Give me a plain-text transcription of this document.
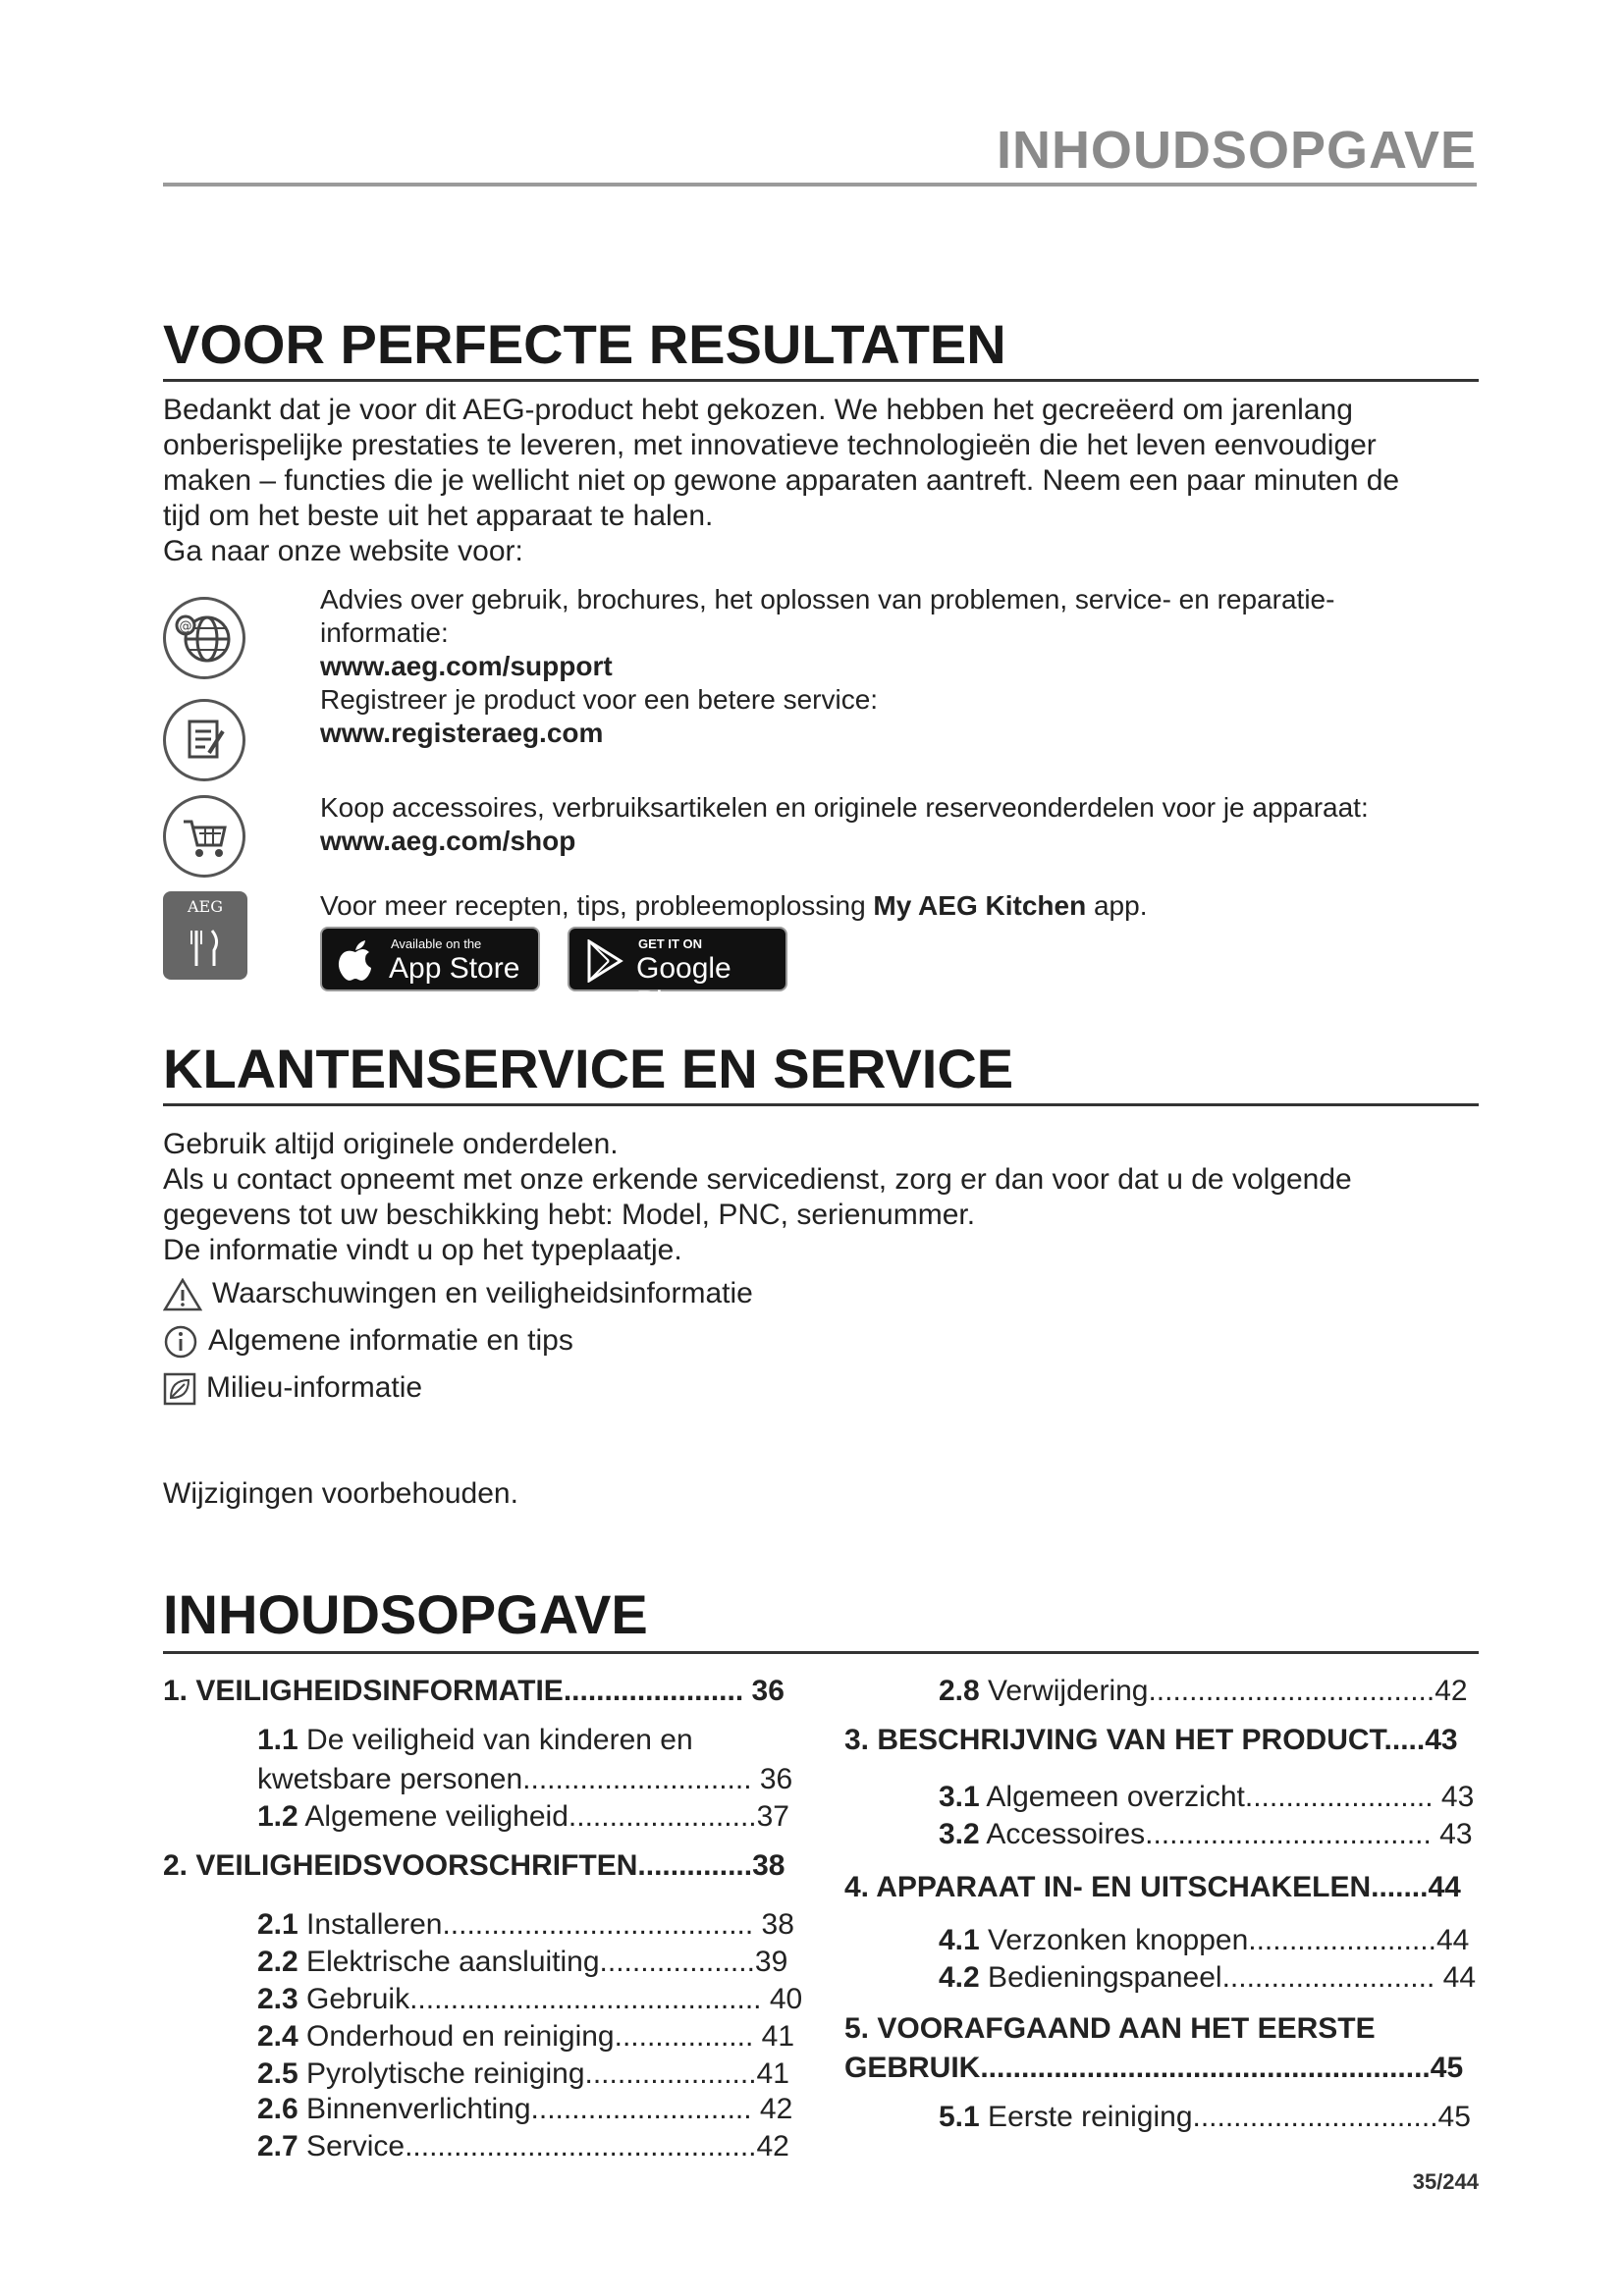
INHOUDSOPGAVE
VOOR PERFECTE RESULTATEN

Bedankt dat je voor dit AEG-product hebt gekozen. We hebben het gecreëerd om jarenlang

onberispelijke prestaties te leveren, met innovatieve technologieën die het leven eenvoudiger

maken – functies die je wellicht niet op gewone apparaten aantreft. Neem een paar minuten de

tijd om het beste uit het apparaat te halen.

Ga naar onze website voor:

@
Advies over gebruik, brochures, het oplossen van problemen, service- en reparatie-
informatie:
www.aeg.com/support
Registreer je product voor een betere service:
www.registeraeg.com
Koop accessoires, verbruiksartikelen en originele reserveonderdelen voor je apparaat:
www.aeg.com/shop
AEG	Voor meer recepten, tips, probleemoplossing My AEG Kitchen app.
Available on the
App Store
GET IT ON
Google Play
KLANTENSERVICE EN SERVICE

Gebruik altijd originele onderdelen.

Als u contact opneemt met onze erkende servicedienst, zorg er dan voor dat u de volgende

gegevens tot uw beschikking hebt: Model, PNC, serienummer.

De informatie vindt u op het typeplaatje.

Waarschuwingen en veiligheidsinformatie
Algemene informatie en tips
Milieu-informatie
Wijzigingen voorbehouden.
INHOUDSOPGAVE
1. VEILIGHEIDSINFORMATIE...................... 36
1.1 De veiligheid van kinderen en
kwetsbare personen............................ 36
1.2 Algemene veiligheid.......................37
2. VEILIGHEIDSVOORSCHRIFTEN..............38
2.1 Installeren...................................... 38
2.2 Elektrische aansluiting...................39
2.3 Gebruik........................................... 40
2.4 Onderhoud en reiniging................. 41
2.5 Pyrolytische reiniging.....................41
2.6 Binnenverlichting........................... 42
2.7 Service...........................................42
2.8 Verwijdering...................................42
3. BESCHRIJVING VAN HET PRODUCT.....43
3.1 Algemeen overzicht....................... 43
3.2 Accessoires................................... 43
4. APPARAAT IN- EN UITSCHAKELEN.......44
4.1 Verzonken knoppen.......................44
4.2 Bedieningspaneel.......................... 44
5. VOORAFGAAND AAN HET EERSTE
GEBRUIK.......................................................45
5.1 Eerste reiniging..............................45
35/244
